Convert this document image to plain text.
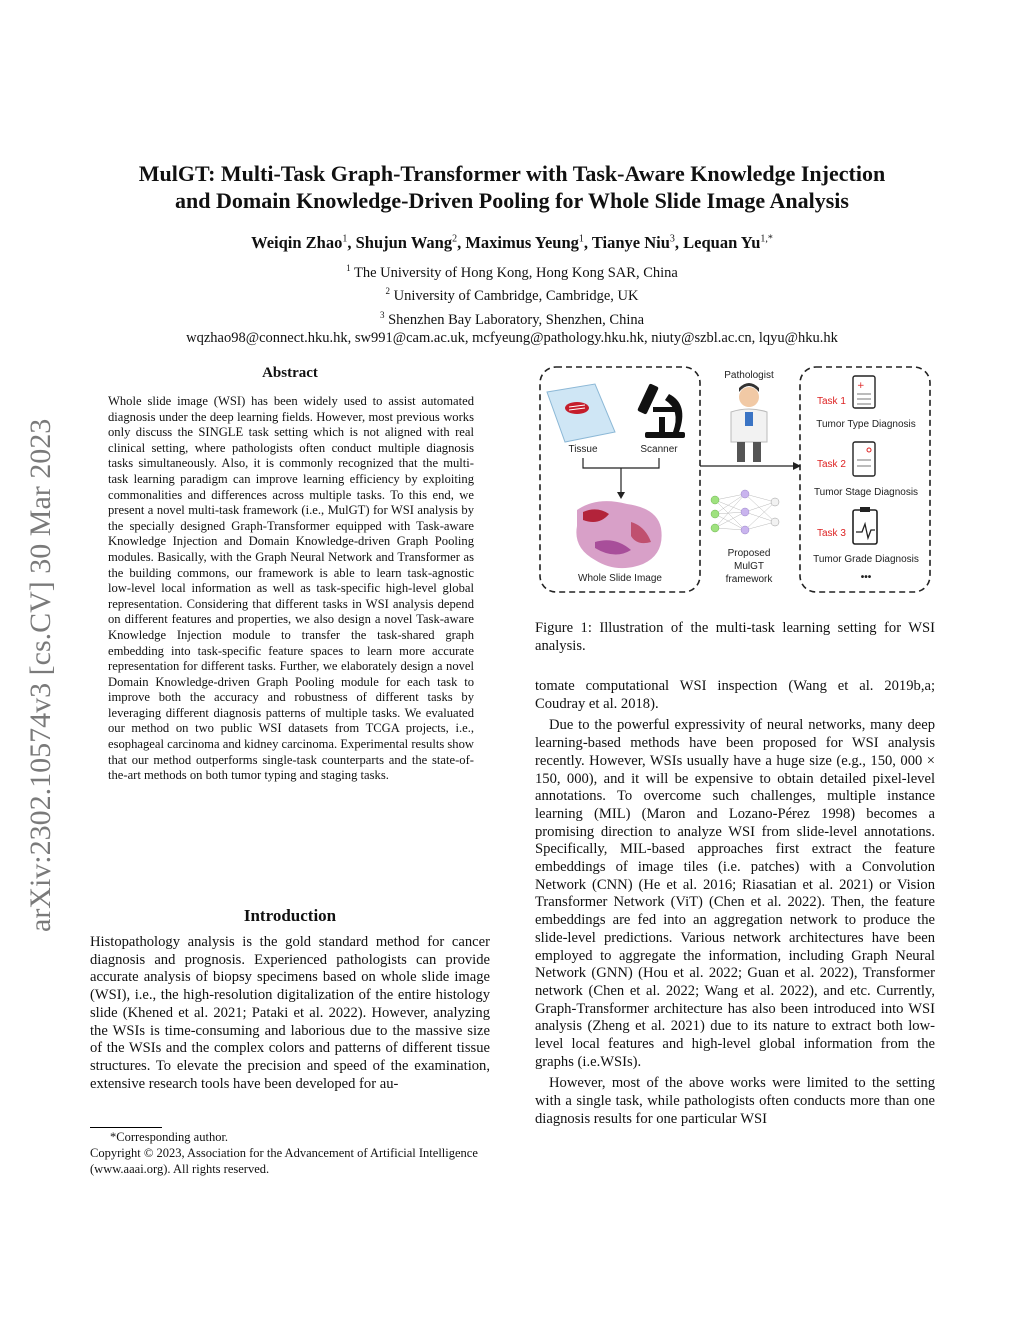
arXiv:2302.10574v3 [cs.CV] 30 Mar 2023
MulGT: Multi-Task Graph-Transformer with Task-Aware Knowledge Injection
and Domain Knowledge-Driven Pooling for Whole Slide Image Analysis
Weiqin Zhao$^1$, Shujun Wang$^2$, Maximus Yeung$^1$, Tianye Niu$^3$, Lequan $Yu^{1,*}$
$^1$ The University of Hong Kong, Hong Kong SAR, China
$^2$ University of Cambridge, Cambridge, UK
$^3$ Shenzhen Bay Laboratory, Shenzhen, China
wqzhao98@connect.hku.hk, sw991@cam.ac.uk, mcfyeung@pathology.hku.hk, niuty@szbl.ac.cn, lqyu@hku.hk
Abstract
Whole slide image (WSI) has been widely used to assist automated diagnosis under the deep learning fields. However, most previous works only discuss the SINGLE task setting which is not aligned with real clinical setting, where pathologists often conduct multiple diagnosis tasks simultaneously. Also, it is commonly recognized that the multi-task learning paradigm can improve learning efficiency by exploiting commonalities and differences across multiple tasks. To this end, we present a novel multi-task framework (i.e., MulGT) for WSI analysis by the specially designed Graph-Transformer equipped with Task-aware Knowledge Injection and Domain Knowledge-driven Graph Pooling modules. Basically, with the Graph Neural Network and Transformer as the building commons, our framework is able to learn task-agnostic low-level local information as well as task-specific high-level global representation. Considering that different tasks in WSI analysis depend on different features and properties, we also design a novel Task-aware Knowledge Injection module to transfer the task-shared graph embedding into task-specific feature spaces to learn more accurate representation for different tasks. Further, we elaborately design a novel Domain Knowledge-driven Graph Pooling module for each task to improve both the accuracy and robustness of different tasks by leveraging different diagnosis patterns of multiple tasks. We evaluated our method on two public WSI datasets from TCGA projects, i.e., esophageal carcinoma and kidney carcinoma. Experimental results show that our method outperforms single-task counterparts and the state-of-the-art methods on both tumor typing and staging tasks.
Introduction
Histopathology analysis is the gold standard method for cancer diagnosis and prognosis. Experienced pathologists can provide accurate analysis of biopsy specimens based on whole slide image (WSI), i.e., the high-resolution digitalization of the entire histology slide (Khened et al. 2021; Pataki et al. 2022). However, analyzing the WSIs is time-consuming and laborious due to the massive size of the WSIs and the complex colors and patterns of different tissue structures. To elevate the precision and speed of the examination, extensive research tools have been developed for au-
*Corresponding author.
Copyright © 2023, Association for the Advancement of Artificial Intelligence (www.aaai.org). All rights reserved.
Tissue	Scanner
Whole Slide Image
Pathologist
Proposed
MulGT
framework
Task 1
+
Tumor Type Diagnosis
Task 2
Tumor Stage Diagnosis
Task 3
Tumor Grade Diagnosis
•••
Figure 1: Illustration of the multi-task learning setting for WSI analysis.

tomate computational WSI inspection (Wang et al. 2019b,a; Coudray et al. 2018).

Due to the powerful expressivity of neural networks, many deep learning-based methods have been proposed for WSI analysis recently. However, WSIs usually have a huge size (e.g., 150, 000 × 150, 000), and it will be expensive to obtain detailed pixel-level annotations. To overcome such challenges, multiple instance learning (MIL) (Maron and Lozano-Pérez 1998) becomes a promising direction to analyze WSI from slide-level annotations. Specifically, MIL-based approaches first extract the feature embeddings of image tiles (i.e. patches) with a Convolution Network (CNN) (He et al. 2016; Riasatian et al. 2021) or Vision Transformer Network (ViT) (Chen et al. 2022). Then, the feature embeddings are fed into an aggregation network to produce the slide-level predictions. Various network architectures have been employed to aggregate the information, including Graph Neural Network (GNN) (Hou et al. 2022; Guan et al. 2022), Transformer network (Chen et al. 2022; Wang et al. 2022), and etc. Currently, Graph-Transformer architecture has also been introduced into WSI analysis (Zheng et al. 2021) due to its nature to extract both low-level local features and high-level global information from the graphs (i.e.WSIs).

However, most of the above works were limited to the setting with a single task, while pathologists often conducts more than one diagnosis results for one particular WSI
